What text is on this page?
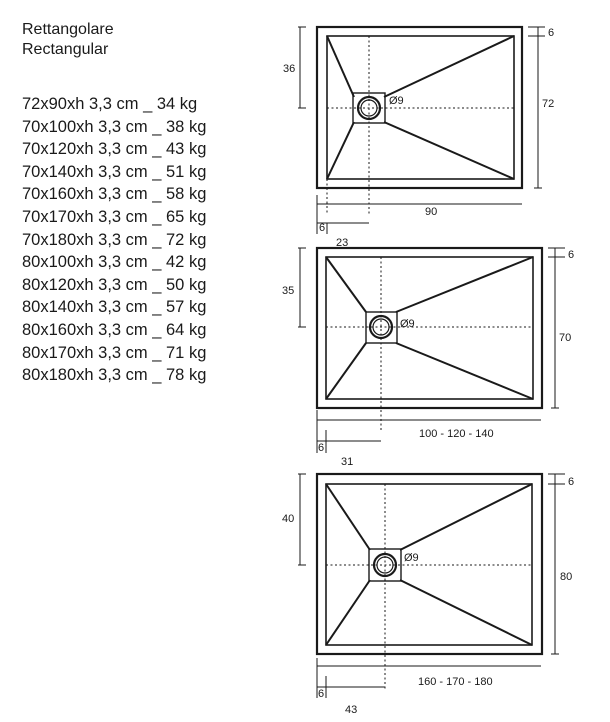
Rettangolare
Rectangular
72x90xh 3,3 cm _ 34 kg
70x100xh 3,3 cm _ 38 kg
70x120xh 3,3 cm _ 43 kg
70x140xh 3,3 cm _ 51 kg
70x160xh 3,3 cm _ 58 kg
70x170xh 3,3 cm _ 65 kg
70x180xh 3,3 cm _ 72 kg
80x100xh 3,3 cm _ 42 kg
80x120xh 3,3 cm _ 50 kg
80x140xh 3,3 cm _ 57 kg
80x160xh 3,3 cm _ 64 kg
80x170xh 3,3 cm _ 71 kg
80x180xh 3,3 cm _ 78 kg
36
Ø9
6
72
90
6
23
35
Ø9
6
70
100 - 120 - 140
6
31
40
Ø9
6
80
160 - 170 - 180
6
43
